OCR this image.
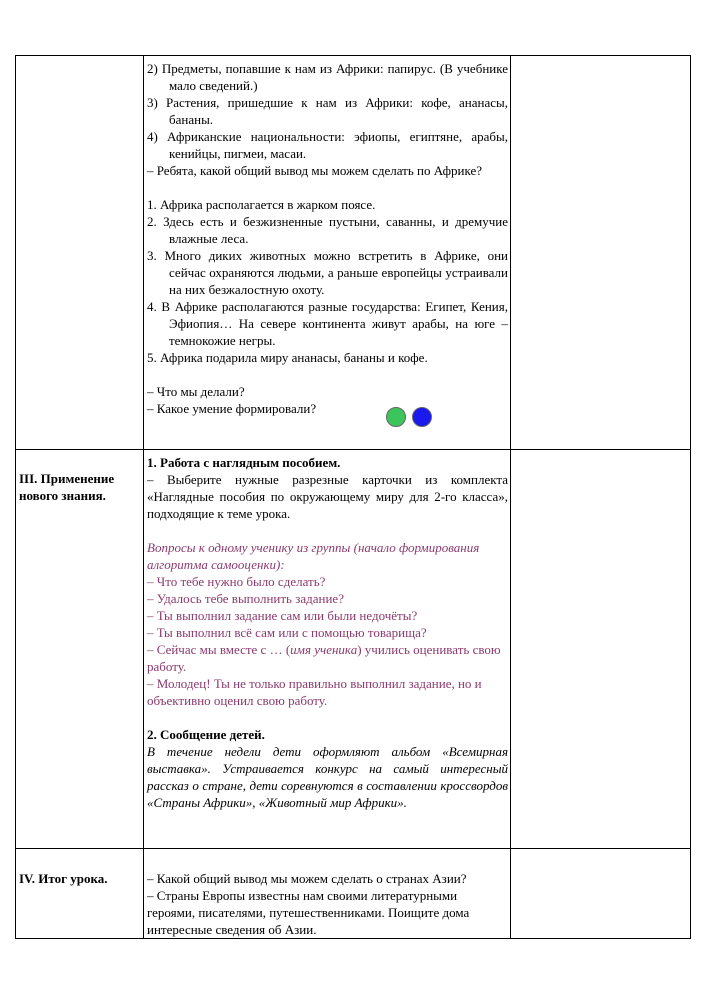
2) Предметы, попавшие к нам из Африки: папирус. (В учебнике мало сведений.)

3) Растения, пришедшие к нам из Африки: кофе, ананасы, бананы.

4) Африканские национальности: эфиопы, египтяне, арабы, кенийцы, пигмеи, масаи.

– Ребята, какой общий вывод мы можем сделать по Африке?

1. Африка располагается в жарком поясе.

2. Здесь есть и безжизненные пустыни, саванны, и дремучие влажные леса.

3. Много диких животных можно встретить в Африке, они сейчас охраняются людьми, а раньше европейцы устраивали на них безжалостную охоту.

4. В Африке располагаются разные государства: Египет, Кения, Эфиопия… На севере континента живут арабы, на юге – темнокожие негры.

5. Африка подарила миру ананасы, бананы и кофе.

– Что мы делали?

– Какое умение формировали?

III. Применение нового знания.

1. Работа с наглядным пособием.

– Выберите нужные разрезные карточки из комплекта «Наглядные пособия по окружающему миру для 2-го класса», подходящие к теме урока.

Вопросы к одному ученику из группы (начало формирования алгоритма самооценки):

– Что тебе нужно было сделать?

– Удалось тебе выполнить задание?

– Ты выполнил задание сам или были недочёты?

– Ты выполнил всё сам или с помощью товарища?

– Сейчас мы вместе с … (имя ученика) учились оценивать свою работу.

– Молодец! Ты не только правильно выполнил задание, но и объективно оценил свою работу.

2. Сообщение детей.

В течение недели дети оформляют альбом «Всемирная выставка». Устраивается конкурс на самый интересный рассказ о стране, дети соревнуются в составлении кроссвордов «Страны Африки», «Животный мир Африки».

IV. Итог урока.	– Какой общий вывод мы можем сделать о странах Азии?

– Страны Европы известны нам своими литературными героями, писателями, путешественниками. Поищите дома интересные сведения об Азии.
